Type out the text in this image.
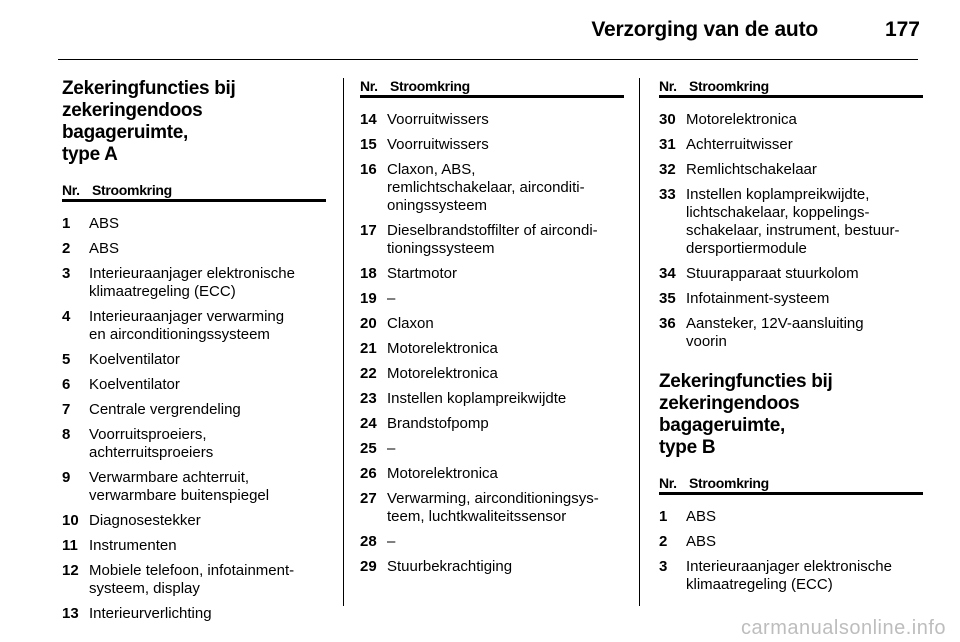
Verzorging van de auto	177
Zekeringfuncties bij
zekeringendoos bagageruimte,
type A
Nr. Stroomkring
1	ABS
2	ABS
3	Interieuraanjager elektronische
klimaatregeling (ECC)
4	Interieuraanjager verwarming
en airconditioningssysteem
5	Koelventilator
6	Koelventilator
7	Centrale vergrendeling
8	Voorruitsproeiers,
achterruitsproeiers
9	Verwarmbare achterruit,
verwarmbare buitenspiegel
10 Diagnosestekker
11 Instrumenten
12 Mobiele telefoon, infotainment-
systeem, display
13 Interieurverlichting
Nr. Stroomkring
14 Voorruitwissers
15 Voorruitwissers
16 Claxon, ABS,
remlichtschakelaar, airconditi-
oningssysteem
17 Dieselbrandstoffilter of aircondi-
tioningssysteem
18 Startmotor
19 –
20 Claxon
21 Motorelektronica
22 Motorelektronica
23 Instellen koplampreikwijdte
24 Brandstofpomp
25 –
26 Motorelektronica
27 Verwarming, airconditioningsys-
teem, luchtkwaliteitssensor
28 –
29 Stuurbekrachtiging
Nr. Stroomkring
30 Motorelektronica
31 Achterruitwisser
32 Remlichtschakelaar
33 Instellen koplampreikwijdte,
lichtschakelaar, koppelings-
schakelaar, instrument, bestuur-
dersportiermodule
34 Stuurapparaat stuurkolom
35 Infotainment-systeem
36 Aansteker, 12V-aansluiting
voorin
Zekeringfuncties bij
zekeringendoos bagageruimte,
type B
Nr. Stroomkring
1	ABS
2	ABS
3	Interieuraanjager elektronische
klimaatregeling (ECC)
carmanualsonline.info
